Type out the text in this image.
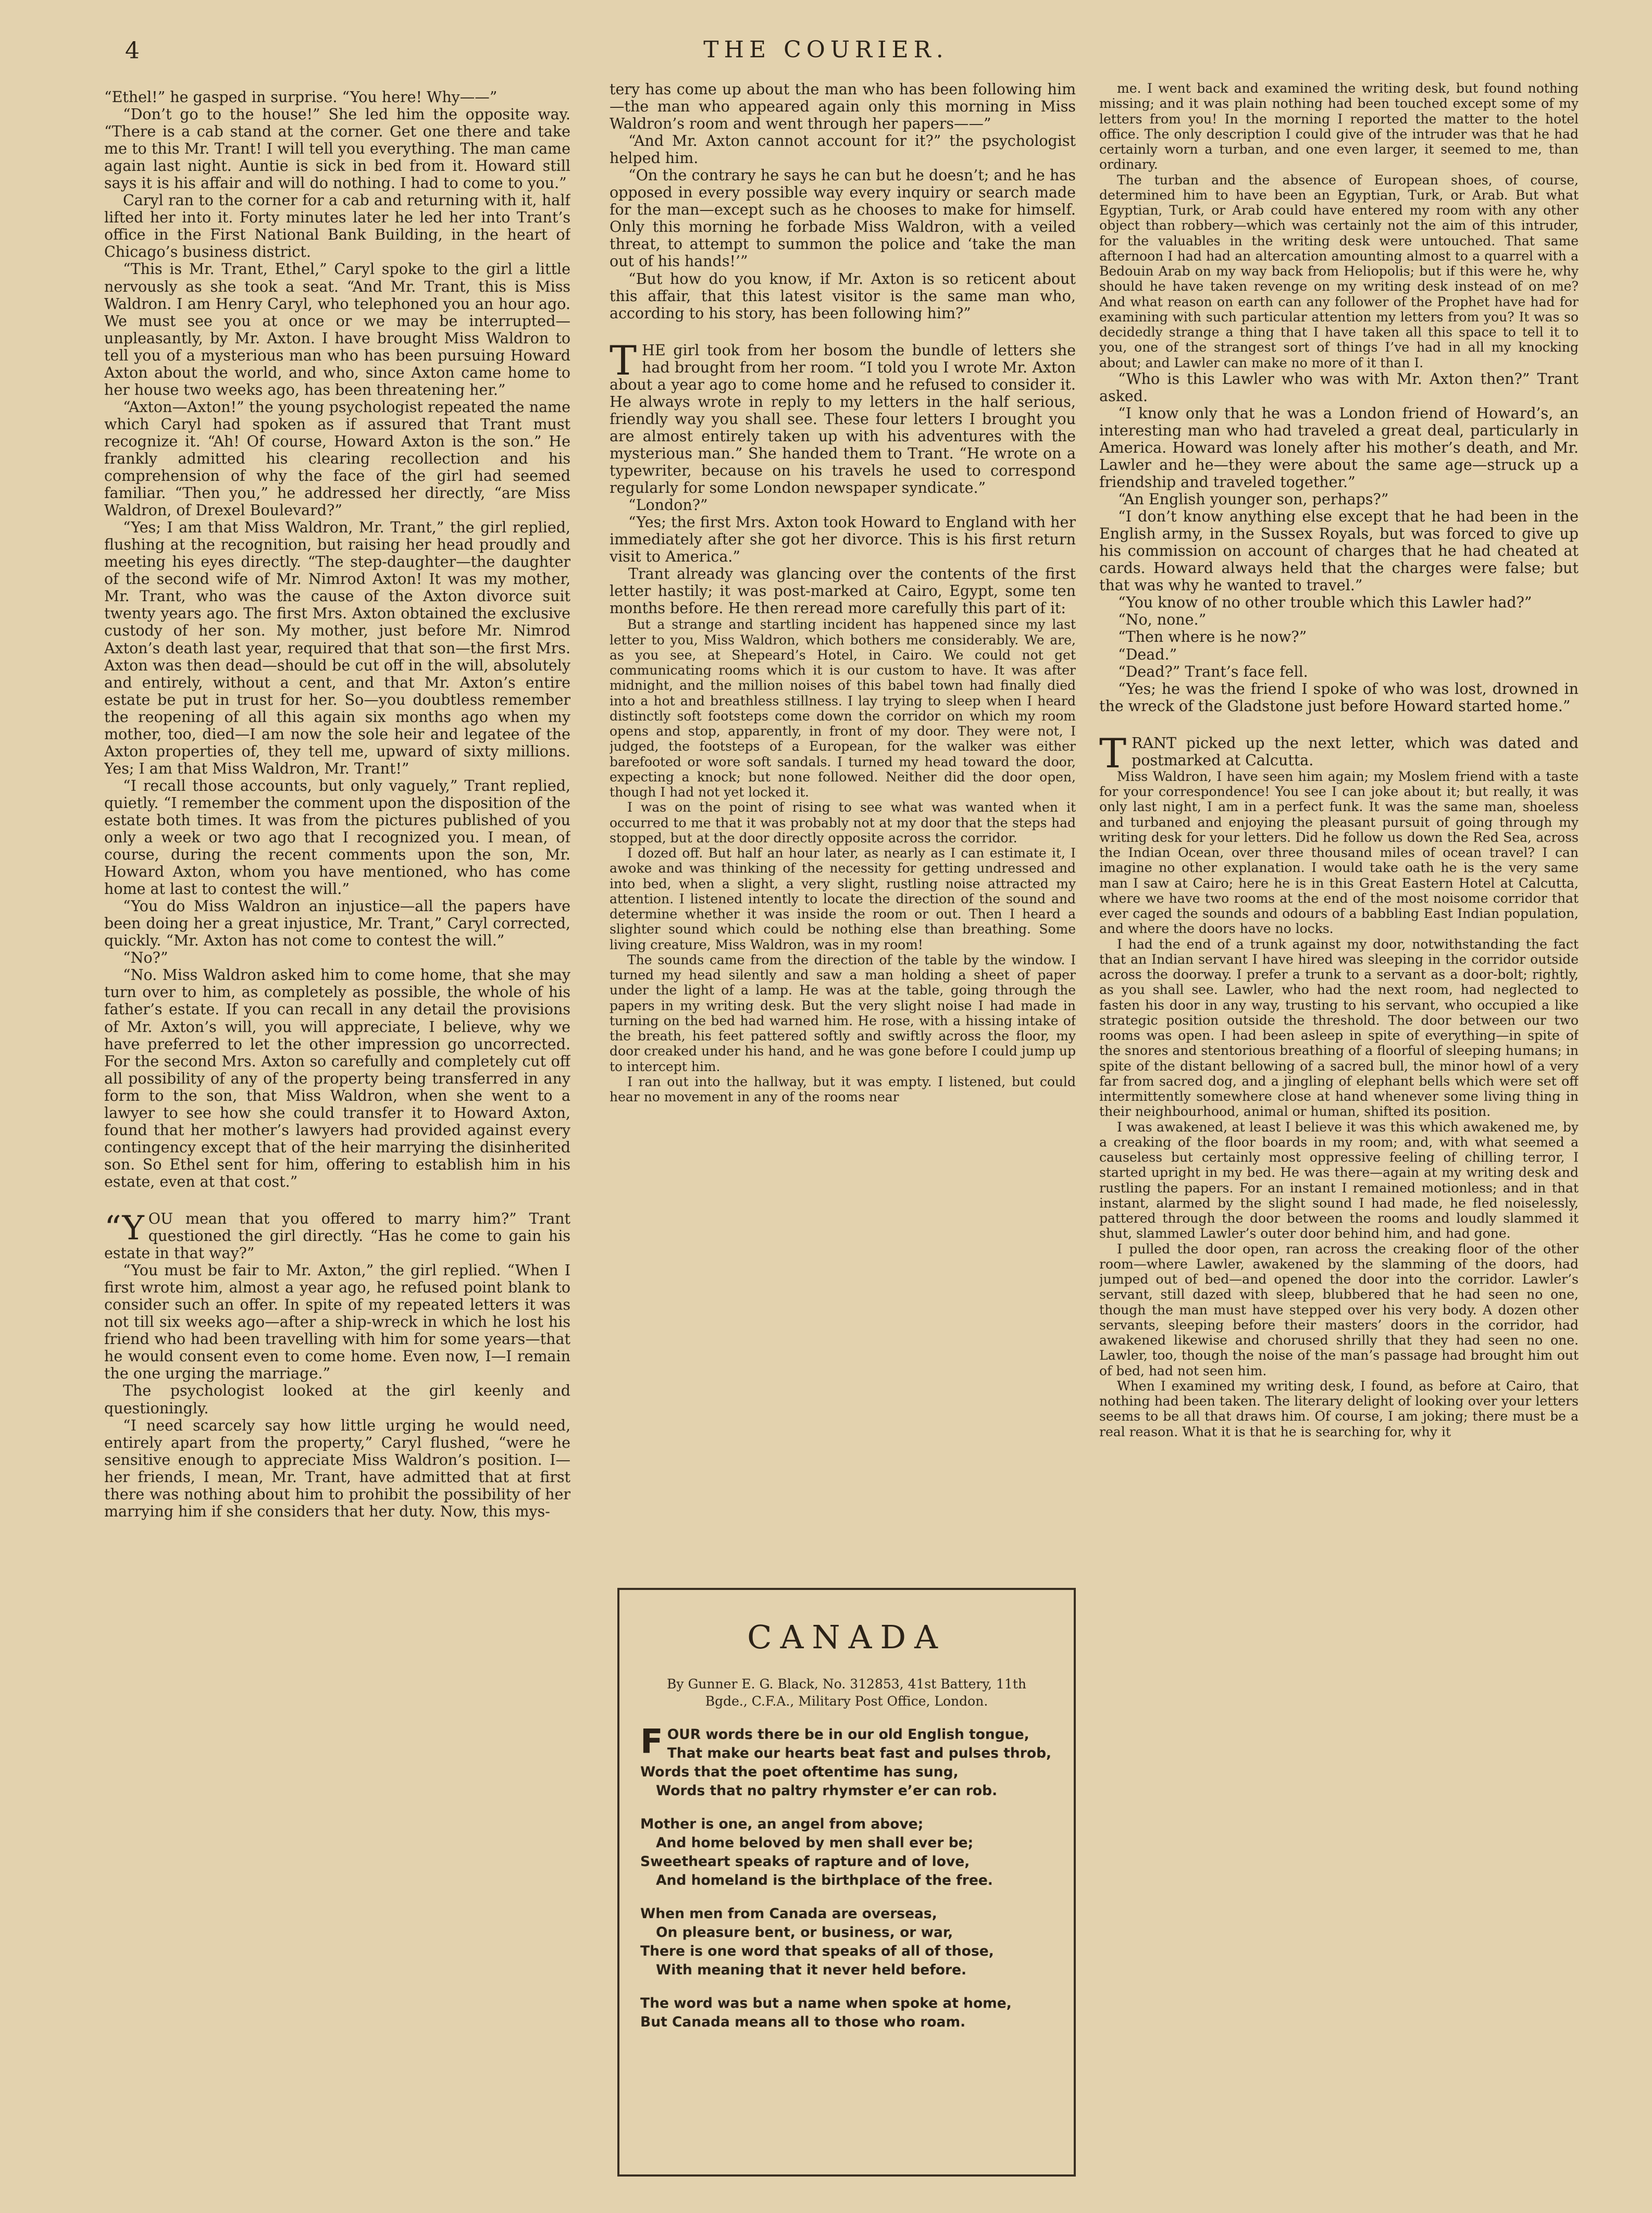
4	THE COURIER.

“Ethel!” he gasped in surprise. “You here! Why——”

“Don’t go to the house!” She led him the opposite way. “There is a cab stand at the corner. Get one there and take me to this Mr. Trant! I will tell you everything. The man came again last night. Auntie is sick in bed from it. Howard still says it is his affair and will do nothing. I had to come to you.”

Caryl ran to the corner for a cab and returning with it, half lifted her into it. Forty minutes later he led her into Trant’s office in the First National Bank Building, in the heart of Chicago’s business district.

“This is Mr. Trant, Ethel,” Caryl spoke to the girl a little nervously as she took a seat. “And Mr. Trant, this is Miss Waldron. I am Henry Caryl, who telephoned you an hour ago. We must see you at once or we may be interrupted—unpleasantly, by Mr. Axton. I have brought Miss Waldron to tell you of a mysterious man who has been pursuing Howard Axton about the world, and who, since Axton came home to her house two weeks ago, has been threatening her.”

“Axton—Axton!” the young psychologist repeated the name which Caryl had spoken as if assured that Trant must recognize it. “Ah! Of course, Howard Axton is the son.” He frankly admitted his clearing recollection and his comprehension of why the face of the girl had seemed familiar. “Then you,” he addressed her directly, “are Miss Waldron, of Drexel Boulevard?”

“Yes; I am that Miss Waldron, Mr. Trant,” the girl replied, flushing at the recognition, but raising her head proudly and meeting his eyes directly. “The step-daughter—the daughter of the second wife of Mr. Nimrod Axton! It was my mother, Mr. Trant, who was the cause of the Axton divorce suit twenty years ago. The first Mrs. Axton obtained the exclusive custody of her son. My mother, just before Mr. Nimrod Axton’s death last year, required that that son—the first Mrs. Axton was then dead—should be cut off in the will, absolutely and entirely, without a cent, and that Mr. Axton’s entire estate be put in trust for her. So—you doubtless remember the reopening of all this again six months ago when my mother, too, died—I am now the sole heir and legatee of the Axton properties of, they tell me, upward of sixty millions. Yes; I am that Miss Waldron, Mr. Trant!”

“I recall those accounts, but only vaguely,” Trant replied, quietly. “I remember the comment upon the disposition of the estate both times. It was from the pictures published of you only a week or two ago that I recognized you. I mean, of course, during the recent comments upon the son, Mr. Howard Axton, whom you have mentioned, who has come home at last to contest the will.”

“You do Miss Waldron an injustice—all the papers have been doing her a great injustice, Mr. Trant,” Caryl corrected, quickly. “Mr. Axton has not come to contest the will.”

“No?”

“No. Miss Waldron asked him to come home, that she may turn over to him, as completely as possible, the whole of his father’s estate. If you can recall in any detail the provisions of Mr. Axton’s will, you will appreciate, I believe, why we have preferred to let the other impression go uncorrected. For the second Mrs. Axton so carefully and completely cut off all possibility of any of the property being transferred in any form to the son, that Miss Waldron, when she went to a lawyer to see how she could transfer it to Howard Axton, found that her mother’s lawyers had provided against every contingency except that of the heir marrying the disinherited son. So Ethel sent for him, offering to establish him in his estate, even at that cost.”

“YOU mean that you offered to marry him?” Trant questioned the girl directly. “Has he come to gain his estate in that way?”

“You must be fair to Mr. Axton,” the girl replied. “When I first wrote him, almost a year ago, he refused point blank to consider such an offer. In spite of my repeated letters it was not till six weeks ago—after a ship-wreck in which he lost his friend who had been travelling with him for some years—that he would consent even to come home. Even now, I—I remain the one urging the marriage.”

The psychologist looked at the girl keenly and questioningly.

“I need scarcely say how little urging he would need, entirely apart from the property,” Caryl flushed, “were he sensitive enough to appreciate Miss Waldron’s position. I—her friends, I mean, Mr. Trant, have admitted that at first there was nothing about him to prohibit the possibility of her marrying him if she considers that her duty. Now, this mys-

tery has come up about the man who has been following him—the man who appeared again only this morning in Miss Waldron’s room and went through her papers——”

“And Mr. Axton cannot account for it?” the psychologist helped him.

“On the contrary he says he can but he doesn’t; and he has opposed in every possible way every inquiry or search made for the man—except such as he chooses to make for himself. Only this morning he forbade Miss Waldron, with a veiled threat, to attempt to summon the police and ‘take the man out of his hands!’”

“But how do you know, if Mr. Axton is so reticent about this affair, that this latest visitor is the same man who, according to his story, has been following him?”

THE girl took from her bosom the bundle of letters she had brought from her room. “I told you I wrote Mr. Axton about a year ago to come home and he refused to consider it. He always wrote in reply to my letters in the half serious, friendly way you shall see. These four letters I brought you are almost entirely taken up with his adventures with the mysterious man.” She handed them to Trant. “He wrote on a typewriter, because on his travels he used to correspond regularly for some London newspaper syndicate.”

“London?”

“Yes; the first Mrs. Axton took Howard to England with her immediately after she got her divorce. This is his first return visit to America.”

Trant already was glancing over the contents of the first letter hastily; it was post-marked at Cairo, Egypt, some ten months before. He then reread more carefully this part of it:

But a strange and startling incident has happened since my last letter to you, Miss Waldron, which bothers me considerably. We are, as you see, at Shepeard’s Hotel, in Cairo. We could not get communicating rooms which it is our custom to have. It was after midnight, and the million noises of this babel town had finally died into a hot and breathless stillness. I lay trying to sleep when I heard distinctly soft footsteps come down the corridor on which my room opens and stop, apparently, in front of my door. They were not, I judged, the footsteps of a European, for the walker was either barefooted or wore soft sandals. I turned my head toward the door, expecting a knock; but none followed. Neither did the door open, though I had not yet locked it.

I was on the point of rising to see what was wanted when it occurred to me that it was probably not at my door that the steps had stopped, but at the door directly opposite across the corridor.

I dozed off. But half an hour later, as nearly as I can estimate it, I awoke and was thinking of the necessity for getting undressed and into bed, when a slight, a very slight, rustling noise attracted my attention. I listened intently to locate the direction of the sound and determine whether it was inside the room or out. Then I heard a slighter sound which could be nothing else than breathing. Some living creature, Miss Waldron, was in my room!

The sounds came from the direction of the table by the window. I turned my head silently and saw a man holding a sheet of paper under the light of a lamp. He was at the table, going through the papers in my writing desk. But the very slight noise I had made in turning on the bed had warned him. He rose, with a hissing intake of the breath, his feet pattered softly and swiftly across the floor, my door creaked under his hand, and he was gone before I could jump up to intercept him.

I ran out into the hallway, but it was empty. I listened, but could hear no movement in any of the rooms near

CANADA
By Gunner E. G. Black, No. 312853, 41st Battery, 11th Bgde., C.F.A., Military Post Office, London.
F OUR words there be in our old English tongue,
That make our hearts beat fast and pulses throb,
Words that the poet oftentime has sung,
Words that no paltry rhymster e’er can rob.
Mother is one, an angel from above;
And home beloved by men shall ever be;
Sweetheart speaks of rapture and of love,
And homeland is the birthplace of the free.
When men from Canada are overseas,
On pleasure bent, or business, or war,
There is one word that speaks of all of those,
With meaning that it never held before.
The word was but a name when spoke at home,
But Canada means all to those who roam.

me. I went back and examined the writing desk, but found nothing missing; and it was plain nothing had been touched except some of my letters from you! In the morning I reported the matter to the hotel office. The only description I could give of the intruder was that he had certainly worn a turban, and one even larger, it seemed to me, than ordinary.

The turban and the absence of European shoes, of course, determined him to have been an Egyptian, Turk, or Arab. But what Egyptian, Turk, or Arab could have entered my room with any other object than robbery—which was certainly not the aim of this intruder, for the valuables in the writing desk were untouched. That same afternoon I had had an altercation amounting almost to a quarrel with a Bedouin Arab on my way back from Heliopolis; but if this were he, why should he have taken revenge on my writing desk instead of on me? And what reason on earth can any follower of the Prophet have had for examining with such particular attention my letters from you? It was so decidedly strange a thing that I have taken all this space to tell it to you, one of the strangest sort of things I’ve had in all my knocking about; and Lawler can make no more of it than I.

“Who is this Lawler who was with Mr. Axton then?” Trant asked.

“I know only that he was a London friend of Howard’s, an interesting man who had traveled a great deal, particularly in America. Howard was lonely after his mother’s death, and Mr. Lawler and he—they were about the same age—struck up a friendship and traveled together.”

“An English younger son, perhaps?”

“I don’t know anything else except that he had been in the English army, in the Sussex Royals, but was forced to give up his commission on account of charges that he had cheated at cards. Howard always held that the charges were false; but that was why he wanted to travel.”

“You know of no other trouble which this Lawler had?”

“No, none.”

“Then where is he now?”

“Dead.”

“Dead?” Trant’s face fell.

“Yes; he was the friend I spoke of who was lost, drowned in the wreck of the Gladstone just before Howard started home.”

TRANT picked up the next letter, which was dated and postmarked at Calcutta.

Miss Waldron, I have seen him again; my Moslem friend with a taste for your correspondence! You see I can joke about it; but really, it was only last night, I am in a perfect funk. It was the same man, shoeless and turbaned and enjoying the pleasant pursuit of going through my writing desk for your letters. Did he follow us down the Red Sea, across the Indian Ocean, over three thousand miles of ocean travel? I can imagine no other explanation. I would take oath he is the very same man I saw at Cairo; here he is in this Great Eastern Hotel at Calcutta, where we have two rooms at the end of the most noisome corridor that ever caged the sounds and odours of a babbling East Indian population, and where the doors have no locks.

I had the end of a trunk against my door, notwithstanding the fact that an Indian servant I have hired was sleeping in the corridor outside across the doorway. I prefer a trunk to a servant as a door-bolt; rightly, as you shall see. Lawler, who had the next room, had neglected to fasten his door in any way, trusting to his servant, who occupied a like strategic position outside the threshold. The door between our two rooms was open. I had been asleep in spite of everything—in spite of the snores and stentorious breathing of a floorful of sleeping humans; in spite of the distant bellowing of a sacred bull, the minor howl of a very far from sacred dog, and a jingling of elephant bells which were set off intermittently somewhere close at hand whenever some living thing in their neighbourhood, animal or human, shifted its position.

I was awakened, at least I believe it was this which awakened me, by a creaking of the floor boards in my room; and, with what seemed a causeless but certainly most oppressive feeling of chilling terror, I started upright in my bed. He was there—again at my writing desk and rustling the papers. For an instant I remained motionless; and in that instant, alarmed by the slight sound I had made, he fled noiselessly, pattered through the door between the rooms and loudly slammed it shut, slammed Lawler’s outer door behind him, and had gone.

I pulled the door open, ran across the creaking floor of the other room—where Lawler, awakened by the slamming of the doors, had jumped out of bed—and opened the door into the corridor. Lawler’s servant, still dazed with sleep, blubbered that he had seen no one, though the man must have stepped over his very body. A dozen other servants, sleeping before their masters’ doors in the corridor, had awakened likewise and chorused shrilly that they had seen no one. Lawler, too, though the noise of the man’s passage had brought him out of bed, had not seen him.

When I examined my writing desk, I found, as before at Cairo, that nothing had been taken. The literary delight of looking over your letters seems to be all that draws him. Of course, I am joking; there must be a real reason. What it is that he is searching for, why it
